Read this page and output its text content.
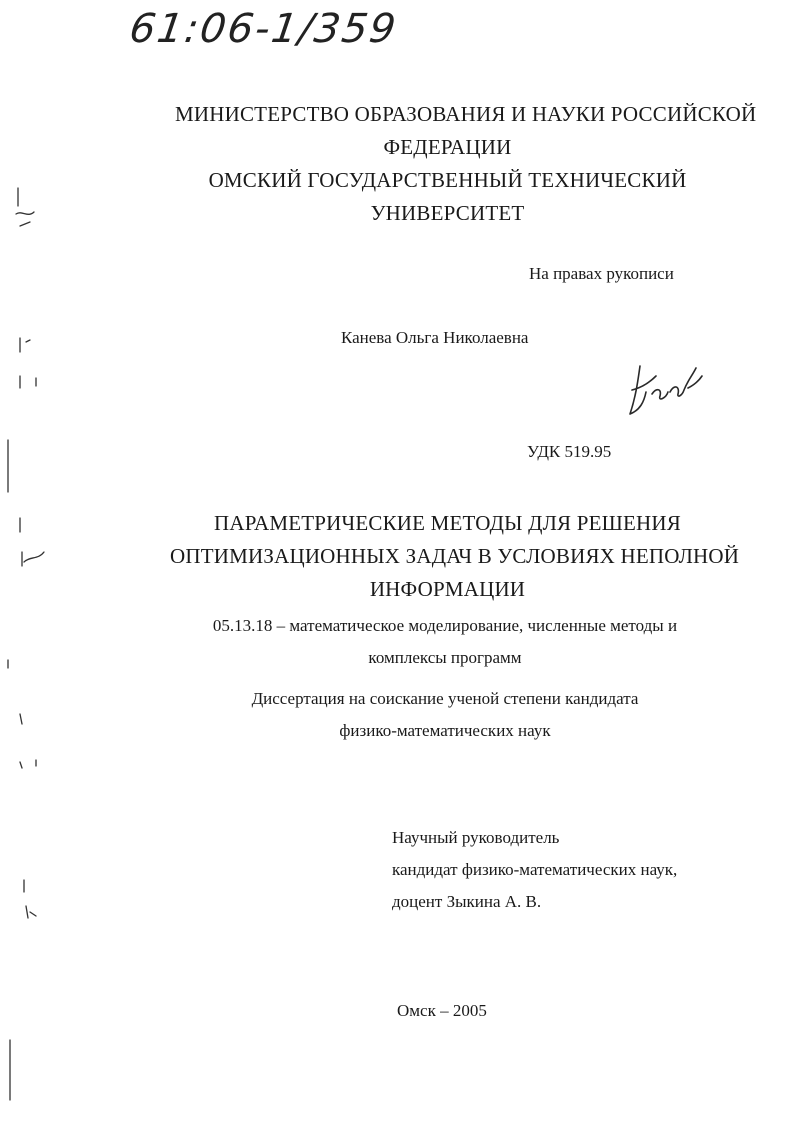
61:06-1/359
МИНИСТЕРСТВО ОБРАЗОВАНИЯ И НАУКИ РОССИЙСКОЙ
ФЕДЕРАЦИИ
ОМСКИЙ ГОСУДАРСТВЕННЫЙ ТЕХНИЧЕСКИЙ
УНИВЕРСИТЕТ
На правах рукописи
Канева Ольга Николаевна
УДК 519.95
ПАРАМЕТРИЧЕСКИЕ МЕТОДЫ ДЛЯ РЕШЕНИЯ
ОПТИМИЗАЦИОННЫХ ЗАДАЧ В УСЛОВИЯХ НЕПОЛНОЙ
ИНФОРМАЦИИ
05.13.18 – математическое моделирование, численные методы и
комплексы программ
Диссертация на соискание ученой степени кандидата
физико-математических наук
Научный руководитель
кандидат физико-математических наук,
доцент Зыкина А. В.
Омск – 2005
